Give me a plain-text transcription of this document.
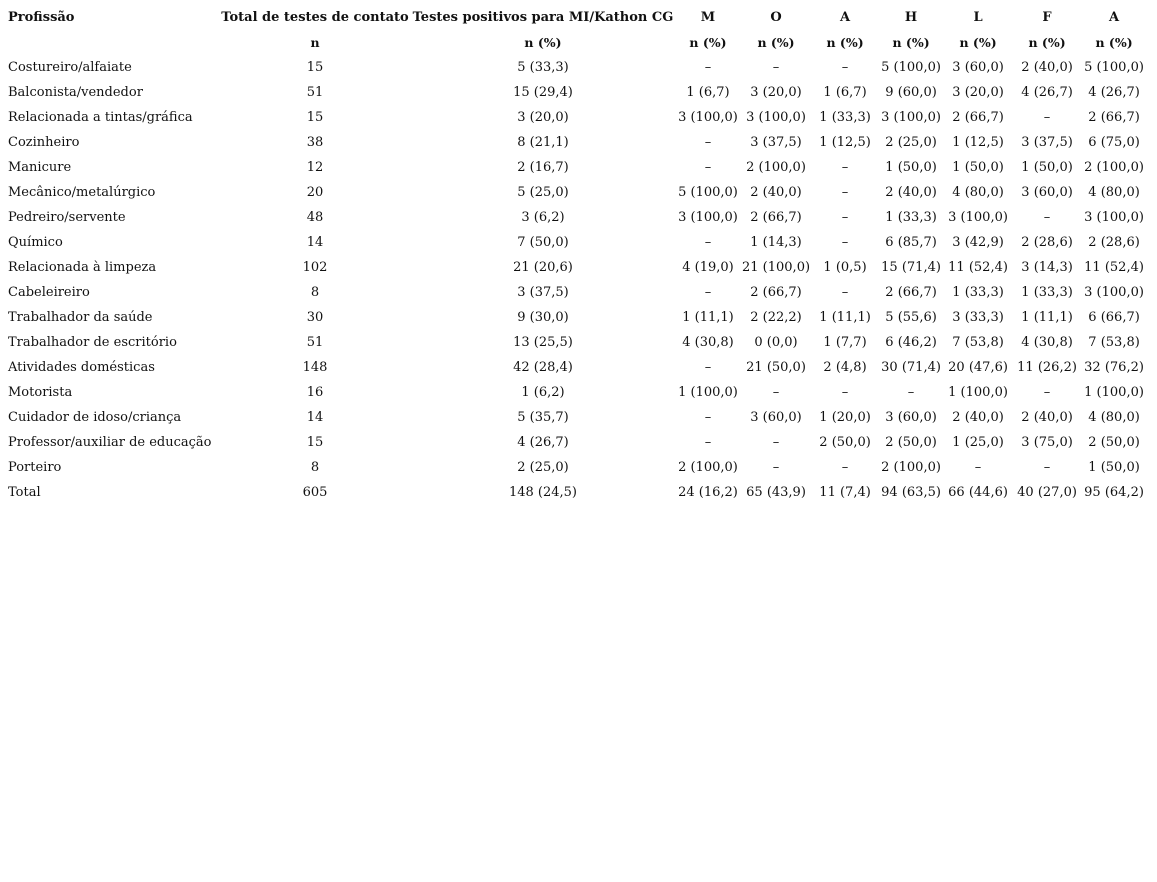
Profissão	Total de testes de contato	Testes positivos para MI/Kathon CG	M	O	A	H	L	F	A
	n	n (%)	n (%)	n (%)	n (%)	n (%)	n (%)	n (%)	n (%)
Costureiro/alfaiate	15	5 (33,3)	–	–	–	5 (100,0)	3 (60,0)	2 (40,0)	5 (100,0)
Balconista/vendedor	51	15 (29,4)	1 (6,7)	3 (20,0)	1 (6,7)	9 (60,0)	3 (20,0)	4 (26,7)	4 (26,7)
Relacionada a tintas/gráfica	15	3 (20,0)	3 (100,0)	3 (100,0)	1 (33,3)	3 (100,0)	2 (66,7)	–	2 (66,7)
Cozinheiro	38	8 (21,1)	–	3 (37,5)	1 (12,5)	2 (25,0)	1 (12,5)	3 (37,5)	6 (75,0)
Manicure	12	2 (16,7)	–	2 (100,0)	–	1 (50,0)	1 (50,0)	1 (50,0)	2 (100,0)
Mecânico/metalúrgico	20	5 (25,0)	5 (100,0)	2 (40,0)	–	2 (40,0)	4 (80,0)	3 (60,0)	4 (80,0)
Pedreiro/servente	48	3 (6,2)	3 (100,0)	2 (66,7)	–	1 (33,3)	3 (100,0)	–	3 (100,0)
Químico	14	7 (50,0)	–	1 (14,3)	–	6 (85,7)	3 (42,9)	2 (28,6)	2 (28,6)
Relacionada à limpeza	102	21 (20,6)	4 (19,0)	21 (100,0)	1 (0,5)	15 (71,4)	11 (52,4)	3 (14,3)	11 (52,4)
Cabeleireiro	8	3 (37,5)	–	2 (66,7)	–	2 (66,7)	1 (33,3)	1 (33,3)	3 (100,0)
Trabalhador da saúde	30	9 (30,0)	1 (11,1)	2 (22,2)	1 (11,1)	5 (55,6)	3 (33,3)	1 (11,1)	6 (66,7)
Trabalhador de escritório	51	13 (25,5)	4 (30,8)	0 (0,0)	1 (7,7)	6 (46,2)	7 (53,8)	4 (30,8)	7 (53,8)
Atividades domésticas	148	42 (28,4)	–	21 (50,0)	2 (4,8)	30 (71,4)	20 (47,6)	11 (26,2)	32 (76,2)
Motorista	16	1 (6,2)	1 (100,0)	–	–	–	1 (100,0)	–	1 (100,0)
Cuidador de idoso/criança	14	5 (35,7)	–	3 (60,0)	1 (20,0)	3 (60,0)	2 (40,0)	2 (40,0)	4 (80,0)
Professor/auxiliar de educação	15	4 (26,7)	–	–	2 (50,0)	2 (50,0)	1 (25,0)	3 (75,0)	2 (50,0)
Porteiro	8	2 (25,0)	2 (100,0)	–	–	2 (100,0)	–	–	1 (50,0)
Total	605	148 (24,5)	24 (16,2)	65 (43,9)	11 (7,4)	94 (63,5)	66 (44,6)	40 (27,0)	95 (64,2)
